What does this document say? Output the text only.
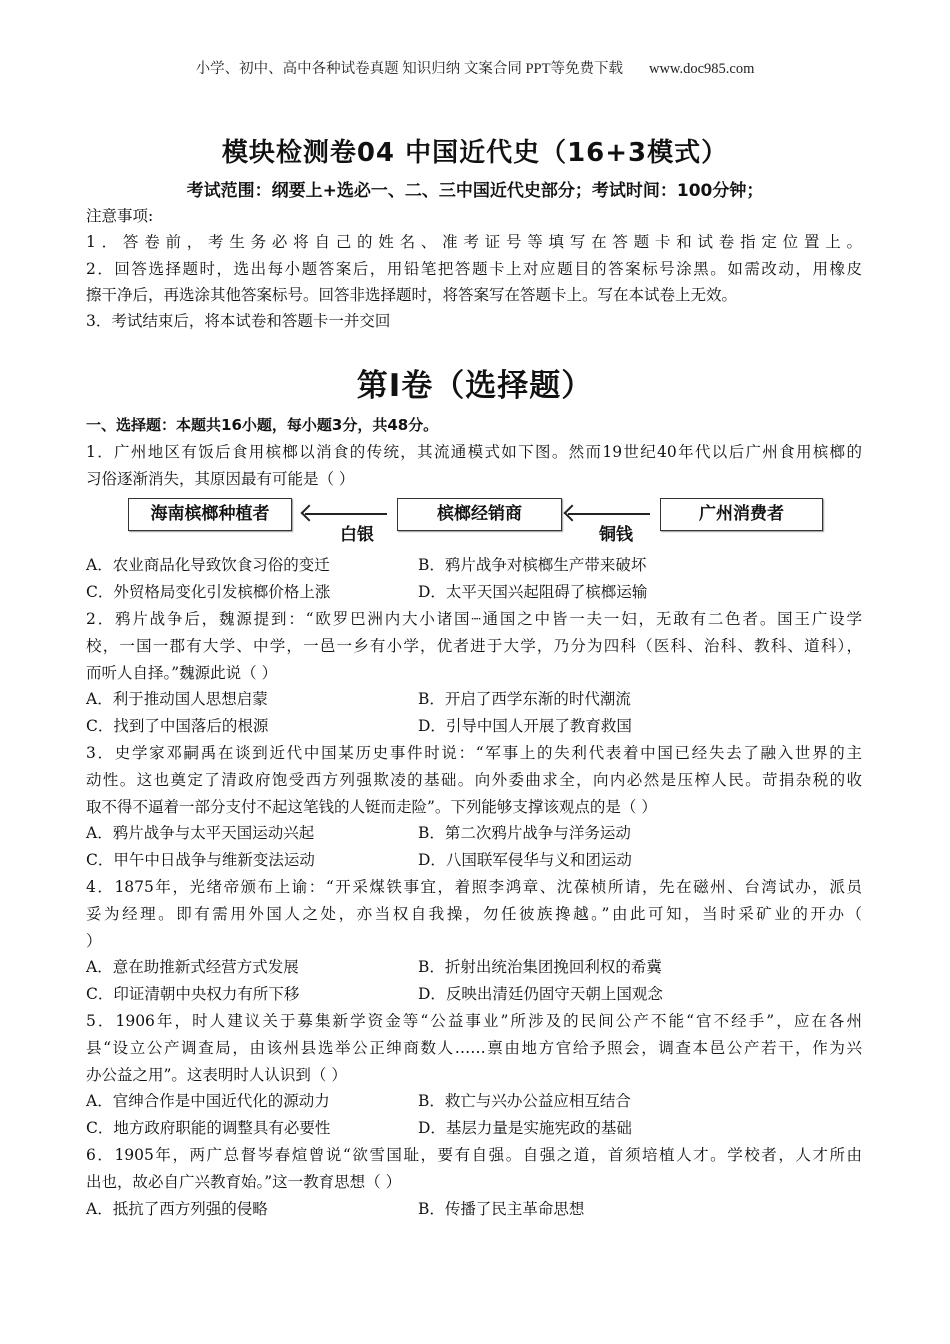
小学、初中、高中各种试卷真题 知识归纳 文案合同 PPT等免费下载 www.doc985.com
模块检测卷04 中国近代史（16+3模式）
考试范围：纲要上+选必一、二、三中国近代史部分；考试时间：100分钟；
注意事项:
1．答卷前，考生务必将自己的姓名、准考证号等填写在答题卡和试卷指定位置上。
2．回答选择题时，选出每小题答案后，用铅笔把答题卡上对应题目的答案标号涂黑。如需改动，用橡皮
擦干净后，再选涂其他答案标号。回答非选择题时，将答案写在答题卡上。写在本试卷上无效。
3．考试结束后，将本试卷和答题卡一并交回
第I卷（选择题）
一、选择题：本题共16小题，每小题3分，共48分。
1．广州地区有饭后食用槟榔以消食的传统，其流通模式如下图。然而19世纪40年代以后广州食用槟榔的
习俗逐渐消失，其原因最有可能是（ ）
海南槟榔种植者	槟榔经销商	广州消费者
白银	铜钱
A．农业商品化导致饮食习俗的变迁	B．鸦片战争对槟榔生产带来破坏
C．外贸格局变化引发槟榔价格上涨	D．太平天国兴起阻碍了槟榔运输
2．鸦片战争后，魏源提到：“欧罗巴洲内大小诸国┈通国之中皆一夫一妇，无敢有二色者。国王广设学
校，一国一郡有大学、中学，一邑一乡有小学，优者进于大学，乃分为四科（医科、治科、教科、道科），
而听人自择。”魏源此说（ ）
A．利于推动国人思想启蒙	B．开启了西学东渐的时代潮流
C．找到了中国落后的根源	D．引导中国人开展了教育救国
3．史学家邓嗣禹在谈到近代中国某历史事件时说：“军事上的失利代表着中国已经失去了融入世界的主
动性。这也奠定了清政府饱受西方列强欺凌的基础。向外委曲求全，向内必然是压榨人民。苛捐杂税的收
取不得不逼着一部分支付不起这笔钱的人铤而走险”。下列能够支撑该观点的是（ ）
A．鸦片战争与太平天国运动兴起	B．第二次鸦片战争与洋务运动
C．甲午中日战争与维新变法运动	D．八国联军侵华与义和团运动
4．1875年，光绪帝颁布上谕：“开采煤铁事宜，着照李鸿章、沈葆桢所请，先在磁州、台湾试办，派员
妥为经理。即有需用外国人之处，亦当权自我操，勿任彼族搀越。”由此可知，当时采矿业的开办（
）
A．意在助推新式经营方式发展	B．折射出统治集团挽回利权的希冀
C．印证清朝中央权力有所下移	D．反映出清廷仍固守天朝上国观念
5．1906年，时人建议关于募集新学资金等“公益事业”所涉及的民间公产不能“官不经手”，应在各州
县“设立公产调查局，由该州县选举公正绅商数人……禀由地方官给予照会，调查本邑公产若干，作为兴
办公益之用”。这表明时人认识到（ ）
A．官绅合作是中国近代化的源动力	B．救亡与兴办公益应相互结合
C．地方政府职能的调整具有必要性	D．基层力量是实施宪政的基础
6．1905年，两广总督岑春煊曾说“欲雪国耻，要有自强。自强之道，首须培植人才。学校者，人才所由
出也，故必自广兴教育始。”这一教育思想（ ）
A．抵抗了西方列强的侵略	B．传播了民主革命思想
